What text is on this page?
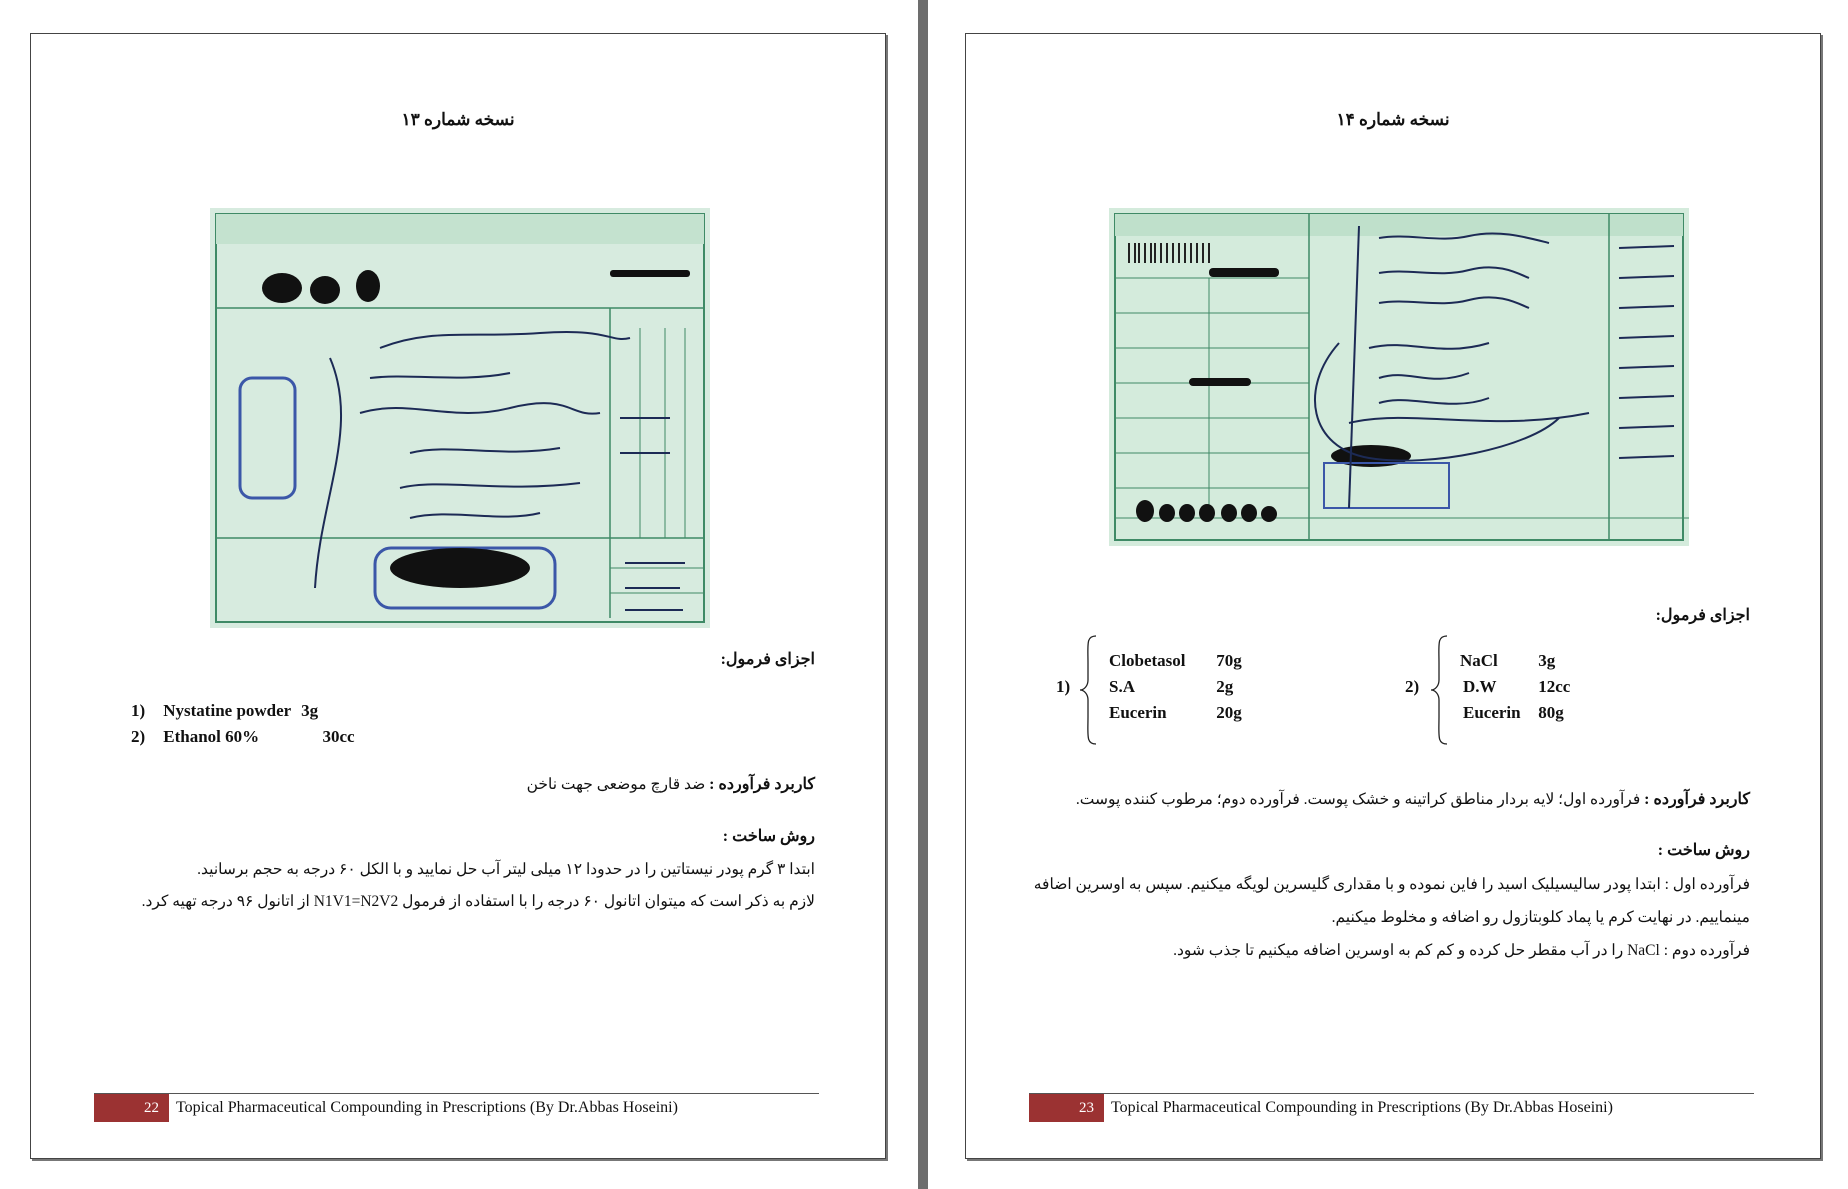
نسخه شماره ۱۳
اجزای فرمول:
1) Nystatine powder 3g
2) Ethanol 60%	30cc
کاربرد فرآورده : ضد قارچ موضعی جهت ناخن
روش ساخت :
ابتدا ۳ گرم پودر نیستاتین را در حدودا ۱۲ میلی لیتر آب حل نمایید و با الکل ۶۰ درجه به حجم برسانید.
لازم به ذکر است که میتوان اتانول ۶۰ درجه را با استفاده از فرمول N1V1=N2V2 از اتانول ۹۶ درجه تهیه کرد.
22	Topical Pharmaceutical Compounding in Prescriptions (By Dr.Abbas Hoseini)
نسخه شماره ۱۴
اجزای فرمول:
1)
Clobetasol 70g
S.A	2g
Eucerin	20g
2)
NaCl 3g
D.W 12cc
Eucerin 80g
کاربرد فرآورده : فرآورده اول؛ لایه بردار مناطق کراتینه و خشک پوست. فرآورده دوم؛ مرطوب کننده پوست.
روش ساخت :
فرآورده اول : ابتدا پودر سالیسیلیک اسید را فاین نموده و با مقداری گلیسرین لویگه میکنیم. سپس به اوسرین اضافه
مینماییم. در نهایت کرم یا پماد کلوبتازول رو اضافه و مخلوط میکنیم.
فرآورده دوم : NaCl را در آب مقطر حل کرده و کم کم به اوسرین اضافه میکنیم تا جذب شود.
23	Topical Pharmaceutical Compounding in Prescriptions (By Dr.Abbas Hoseini)
